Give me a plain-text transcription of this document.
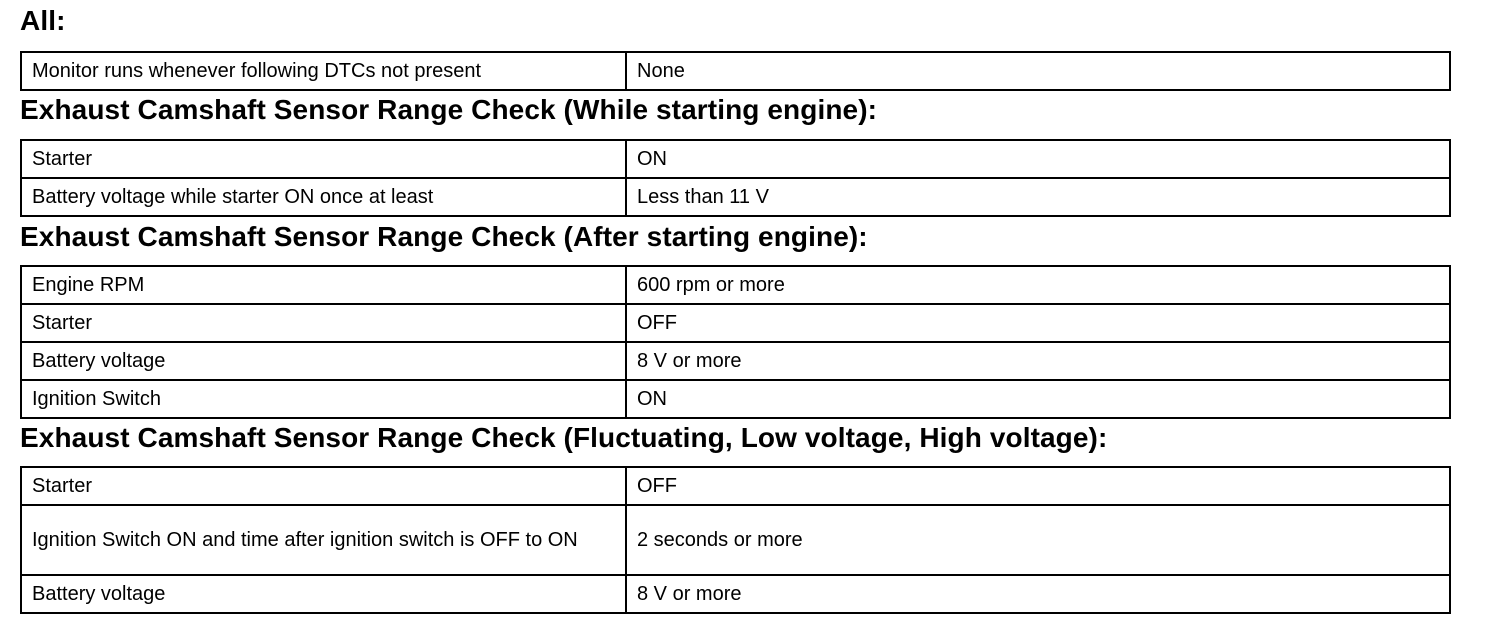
All:
Monitor runs whenever following DTCs not present	None
Exhaust Camshaft Sensor Range Check (While starting engine):
Starter	ON
Battery voltage while starter ON once at least	Less than 11 V
Exhaust Camshaft Sensor Range Check (After starting engine):
Engine RPM	600 rpm or more
Starter	OFF
Battery voltage	8 V or more
Ignition Switch	ON
Exhaust Camshaft Sensor Range Check (Fluctuating, Low voltage, High voltage):
Starter	OFF
Ignition Switch ON and time after ignition switch is OFF to ON	2 seconds or more
Battery voltage	8 V or more
